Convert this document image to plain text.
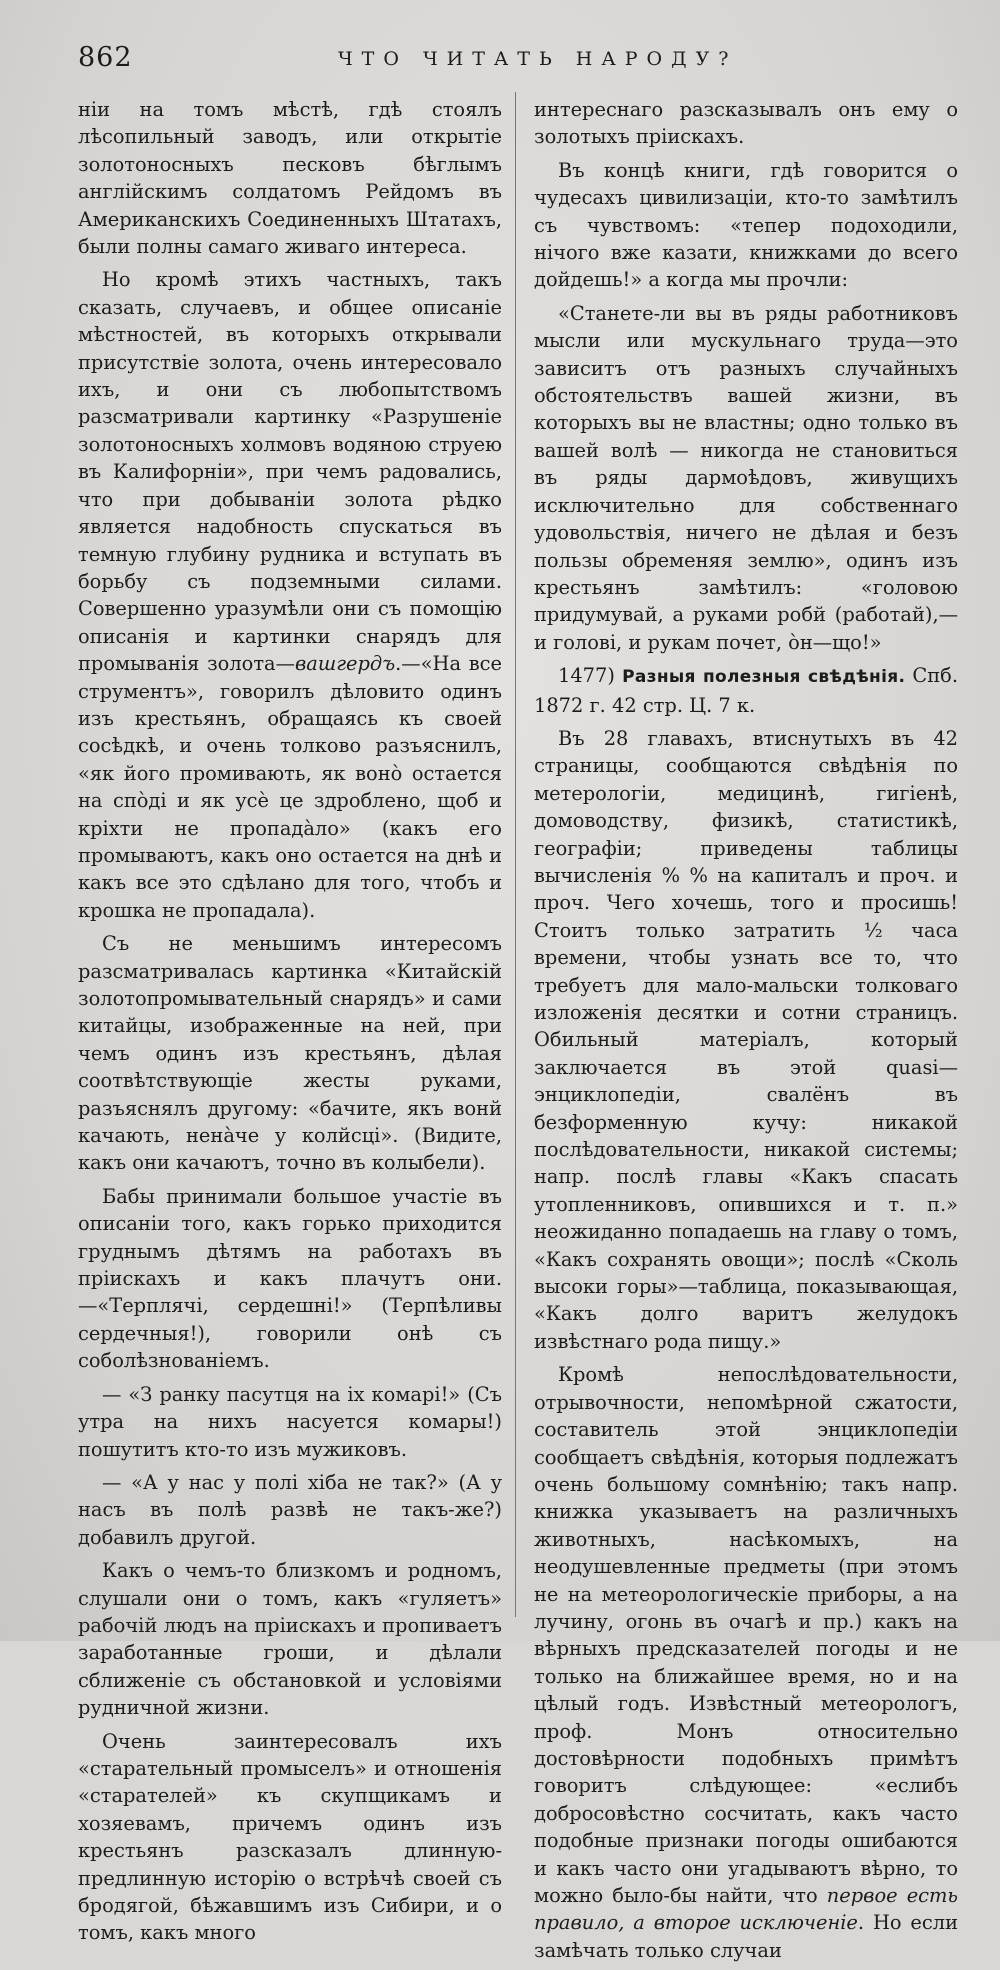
862	ЧТО ЧИТАТЬ НАРОДУ?

нiи на томъ мѣстѣ, гдѣ стоялъ лѣсопильный заводъ, или открытiе золотоносныхъ песковъ бѣглымъ англiйскимъ солдатомъ Рейдомъ въ Американскихъ Соединенныхъ Штатахъ, были полны самаго живаго интереса.

Но кромѣ этихъ частныхъ, такъ сказать, случаевъ, и общее описанiе мѣстностей, въ которыхъ открывали присутствiе золота, очень интересовало ихъ, и они съ любопытствомъ разсматривали картинку «Разрушенiе золотоносныхъ холмовъ водяною струею въ Калифорнiи», при чемъ радовались, что при добыванiи золота рѣдко является надобность спускаться въ темную глубину рудника и вступать въ борьбу съ подземными силами. Совершенно уразумѣли они съ помощiю описанiя и картинки снарядъ для промыванiя золота—вашгердъ.—«На все струментъ», говорилъ дѣловито одинъ изъ крестьянъ, обращаясь къ своей сосѣдкѣ, и очень толково разъяснилъ, «як його промивають, як вонò остается на спòдi и як усè це здроблено, щоб и крiхти не пропадàло» (какъ его промываютъ, какъ оно остается на днѣ и какъ все это сдѣлано для того, чтобъ и крошка не пропадала).

Съ не меньшимъ интересомъ разсматривалась картинка «Китайскiй золотопромывательный снарядъ» и сами китайцы, изображенные на ней, при чемъ одинъ изъ крестьянъ, дѣлая соотвѣтствующiе жесты руками, разъяснялъ другому: «бачите, якъ вонй качають, ненàче у колйсцi». (Видите, какъ они качаютъ, точно въ колыбели).

Бабы принимали большое участiе въ описанiи того, какъ горько приходится груднымъ дѣтямъ на работахъ въ прiискахъ и какъ плачутъ они.—«Терплячi, сердешнi!» (Терпѣливы сердечныя!), говорили онѣ съ соболѣзнованiемъ.

— «З ранку пасутця на iх комарi!» (Съ утра на нихъ насуется комары!) пошутитъ кто-то изъ мужиковъ.

— «А у нас у полi хiба не так?» (А у насъ въ полѣ развѣ не такъ-же?) добавилъ другой.

Какъ о чемъ-то близкомъ и родномъ, слушали они о томъ, какъ «гуляетъ» рабочiй людъ на прiискахъ и пропиваетъ заработанные гроши, и дѣлали сближенiе съ обстановкой и условiями рудничной жизни.

Очень заинтересовалъ ихъ «старательный промыселъ» и отношенiя «старателей» къ скупщикамъ и хозяевамъ, причемъ одинъ изъ крестьянъ разсказалъ длинную-предлинную исторiю о встрѣчѣ своей съ бродягой, бѣжавшимъ изъ Сибири, и о томъ, какъ много

интереснаго разсказывалъ онъ ему о золотыхъ прiискахъ.

Въ концѣ книги, гдѣ говорится о чудесахъ цивилизацiи, кто-то замѣтилъ съ чувствомъ: «тепер подоходили, нiчого вже казати, книжками до всего дойдешь!» а когда мы прочли:

«Станете-ли вы въ ряды работниковъ мысли или мускульнаго труда—это зависитъ отъ разныхъ случайныхъ обстоятельствъ вашей жизни, въ которыхъ вы не властны; одно только въ вашей волѣ — никогда не становиться въ ряды дармоѣдовъ, живущихъ исключительно для собственнаго удовольствiя, ничего не дѣлая и безъ пользы обременяя землю», одинъ изъ крестьянъ замѣтилъ: «головою придумувай, а руками робй (работай),—и головi, и рукам почет, òн—що!»

1477) Разныя полезныя свѣдѣнiя. Спб. 1872 г. 42 стр. Ц. 7 к.

Въ 28 главахъ, втиснутыхъ въ 42 страницы, сообщаются свѣдѣнiя по метерологiи, медицинѣ, гигiенѣ, домоводству, физикѣ, статистикѣ, географiи; приведены таблицы вычисленiя % % на капиталъ и проч. и проч. Чего хочешь, того и просишь! Стоитъ только затратить ½ часа времени, чтобы узнать все то, что требуетъ для мало-мальски толковаго изложенiя десятки и сотни страницъ. Обильный матерiалъ, который заключается въ этой quasi—энциклопедiи, свалёнъ въ безформенную кучу: никакой послѣдовательности, никакой системы; напр. послѣ главы «Какъ спасать утопленниковъ, опившихся и т. п.» неожиданно попадаешь на главу о томъ, «Какъ сохранять овощи»; послѣ «Сколь высоки горы»—таблица, показывающая, «Какъ долго варитъ желудокъ извѣстнаго рода пищу.»

Кромѣ непослѣдовательности, отрывочности, непомѣрной сжатости, составитель этой энциклопедiи сообщаетъ свѣдѣнiя, которыя подлежатъ очень большому сомнѣнiю; такъ напр. книжка указываетъ на различныхъ животныхъ, насѣкомыхъ, на неодушевленные предметы (при этомъ не на метеорологическiе приборы, а на лучину, огонь въ очагѣ и пр.) какъ на вѣрныхъ предсказателей погоды и не только на ближайшее время, но и на цѣлый годъ. Извѣстный метеорологъ, проф. Монъ относительно достовѣрности подобныхъ примѣтъ говоритъ слѣдующее: «еслибъ добросовѣстно сосчитать, какъ часто подобные признаки погоды ошибаются и какъ часто они угадываютъ вѣрно, то можно было-бы найти, что первое есть правило, а второе исключенiе. Но если замѣчать только случаи
